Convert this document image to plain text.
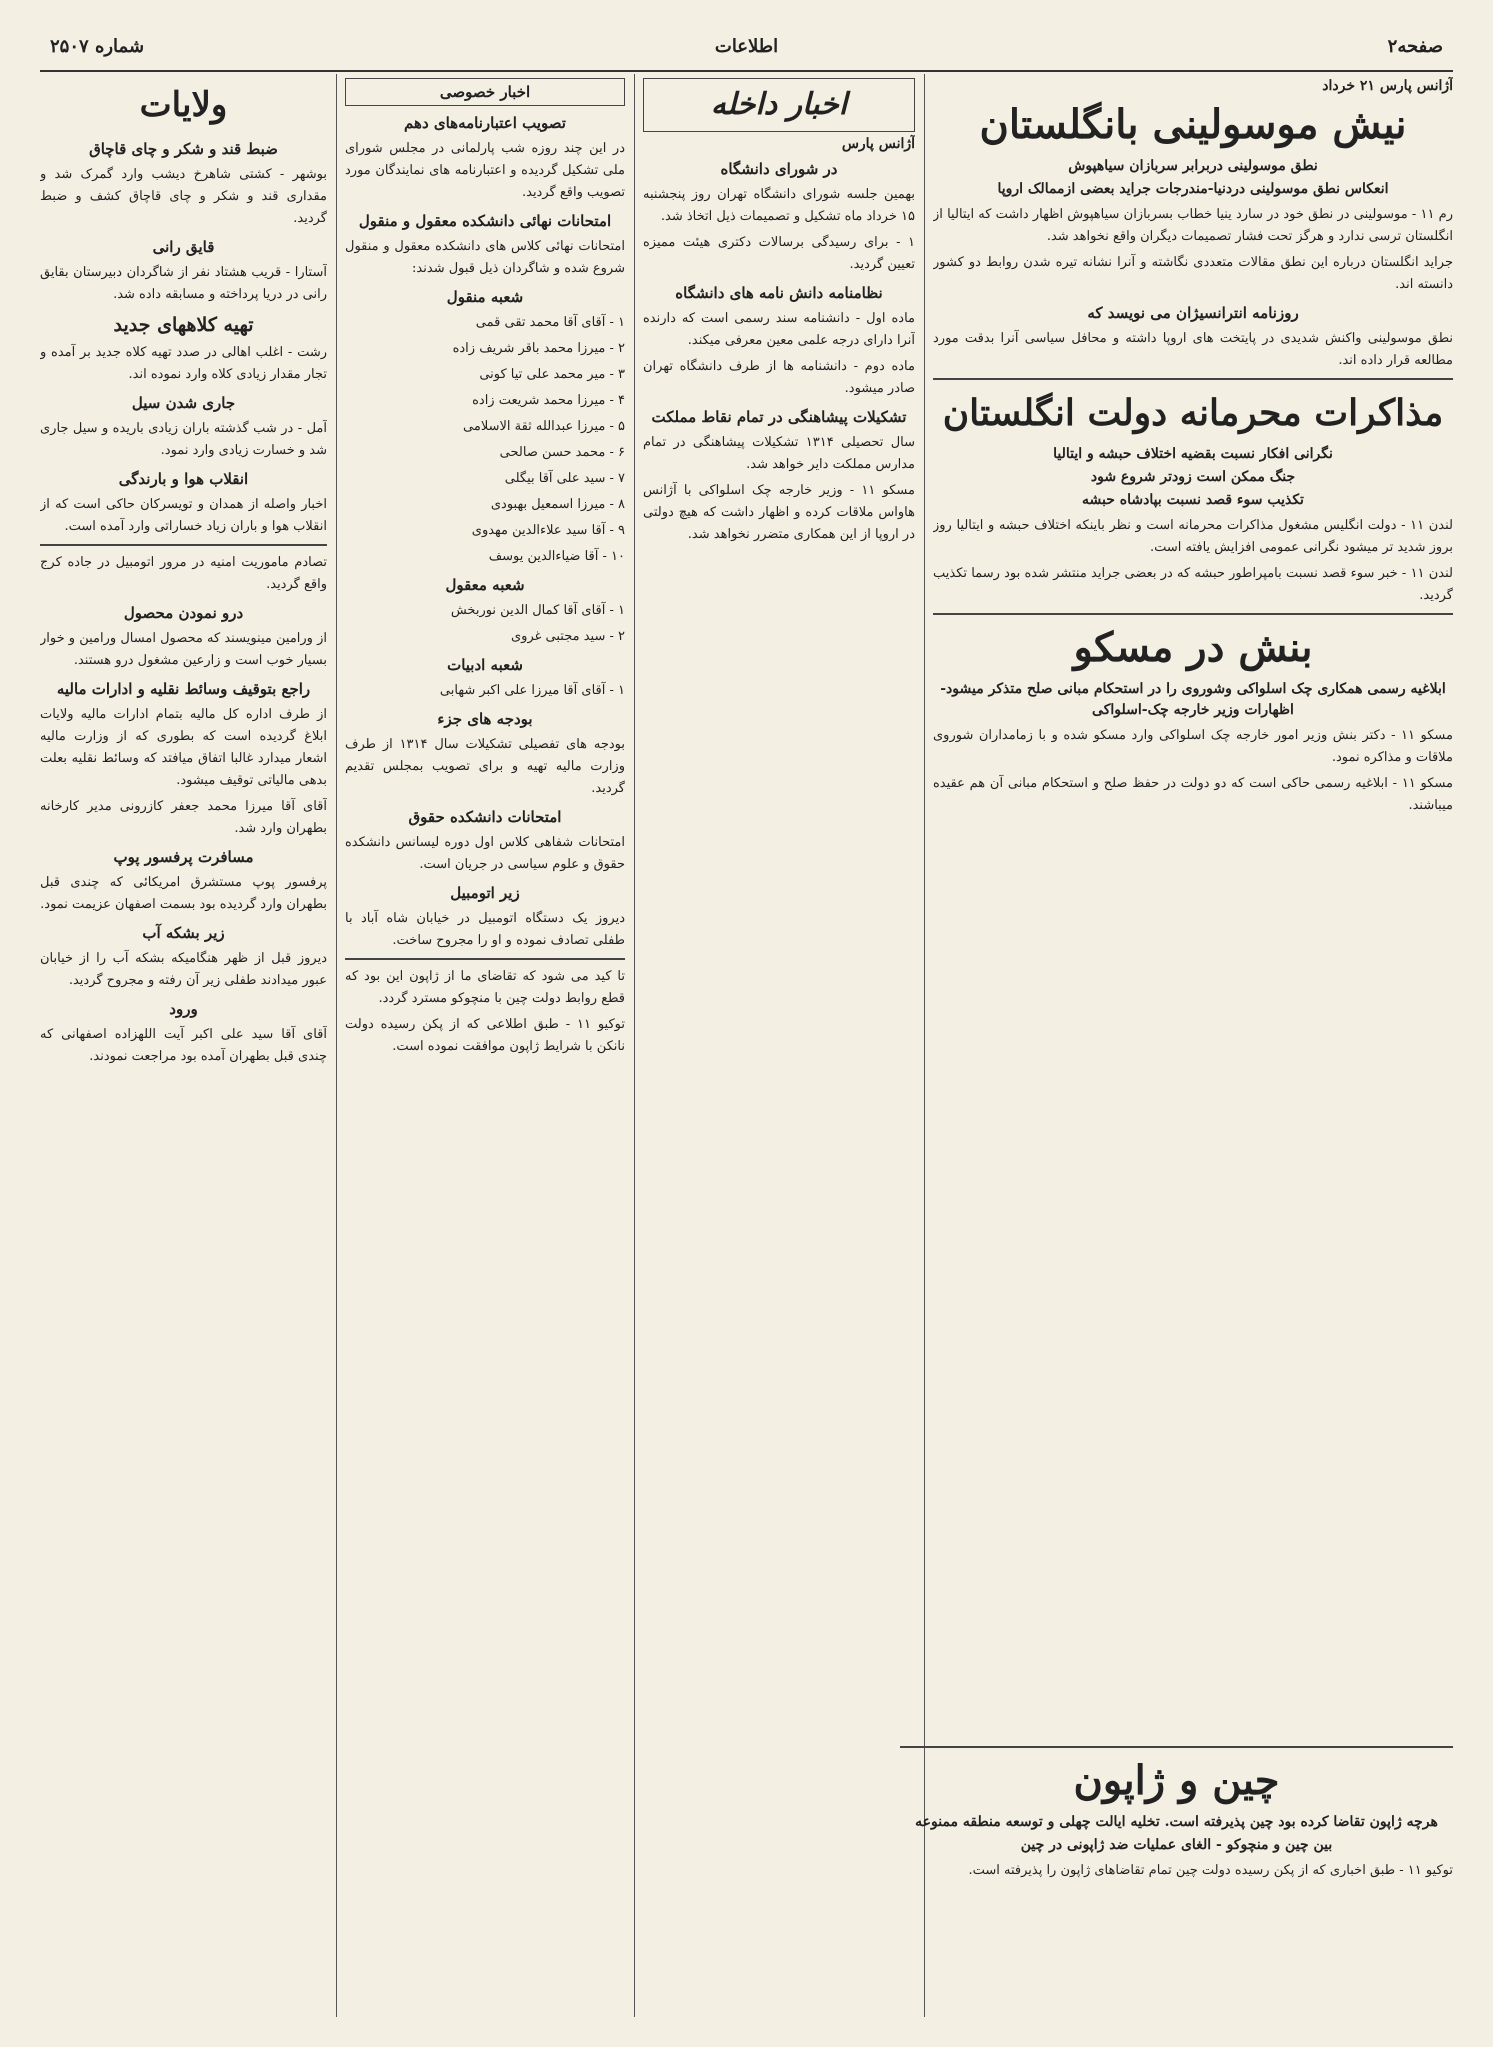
صفحه۲
اطلاعات
شماره ۲۵۰۷
آژانس پارس ۲۱ خرداد
نیش موسولینی بانگلستان
نطق موسولینی دربرابر سربازان سیاهپوش
انعکاس نطق موسولینی دردنیا-مندرجات جراید بعضی ازممالک اروپا

رم ۱۱ - موسولینی در نطق خود در سارد ینیا خطاب بسربازان سیاهپوش اظهار داشت که ایتالیا از انگلستان ترسی ندارد و هرگز تحت فشار تصمیمات دیگران واقع نخواهد شد.

جراید انگلستان درباره این نطق مقالات متعددی نگاشته و آنرا نشانه تیره شدن روابط دو کشور دانسته اند.

روزنامه انترانسیژان می نویسد که

نطق موسولینی واکنش شدیدی در پایتخت های اروپا داشته و محافل سیاسی آنرا بدقت مورد مطالعه قرار داده اند.

مذاکرات محرمانه دولت انگلستان
نگرانی افکار نسبت بقضیه اختلاف حبشه و ایتالیا
جنگ ممکن است زودتر شروع شود
تکذیب سوء قصد نسبت بپادشاه حبشه

لندن ۱۱ - دولت انگلیس مشغول مذاکرات محرمانه است و نظر باینکه اختلاف حبشه و ایتالیا روز بروز شدید تر میشود نگرانی عمومی افزایش یافته است.

لندن ۱۱ - خبر سوء قصد نسبت بامپراطور حبشه که در بعضی جراید منتشر شده بود رسما تکذیب گردید.

بنش در مسکو
ابلاغیه رسمی همکاری چک اسلواکی وشوروی را در استحکام مبانی صلح متذکر میشود-اظهارات وزیر خارجه چک-اسلواکی

مسکو ۱۱ - دکتر بنش وزیر امور خارجه چک اسلواکی وارد مسکو شده و با زمامداران شوروی ملاقات و مذاکره نمود.

مسکو ۱۱ - ابلاغیه رسمی حاکی است که دو دولت در حفظ صلح و استحکام مبانی آن هم عقیده میباشند.

اخبار داخله
آژانس پارس
در شورای دانشگاه

بهمین جلسه شورای دانشگاه تهران روز پنجشنبه ۱۵ خرداد ماه تشکیل و تصمیمات ذیل اتخاذ شد.

۱ - برای رسیدگی برسالات دکتری هیئت ممیزه تعیین گردید.

نظامنامه دانش نامه های دانشگاه

ماده اول - دانشنامه سند رسمی است که دارنده آنرا دارای درجه علمی معین معرفی میکند.

ماده دوم - دانشنامه ها از طرف دانشگاه تهران صادر میشود.

تشکیلات پیشاهنگی در تمام نقاط مملکت

سال تحصیلی ۱۳۱۴ تشکیلات پیشاهنگی در تمام مدارس مملکت دایر خواهد شد.

مسکو ۱۱ - وزیر خارجه چک اسلواکی با آژانس هاواس ملاقات کرده و اظهار داشت که هیچ دولتی در اروپا از این همکاری متضرر نخواهد شد.

اخبار خصوصی
تصویب اعتبارنامه‌های دهم

در این چند روزه شب پارلمانی در مجلس شورای ملی تشکیل گردیده و اعتبارنامه های نمایندگان مورد تصویب واقع گردید.

امتحانات نهائی دانشکده معقول و منقول

امتحانات نهائی کلاس های دانشکده معقول و منقول شروع شده و شاگردان ذیل قبول شدند:

شعبه منقول

۱ - آقای آقا محمد تقی قمی

۲ - میرزا محمد باقر شریف زاده

۳ - میر محمد علی تیا کونی

۴ - میرزا محمد شریعت زاده

۵ - میرزا عبدالله ثقة الاسلامی

۶ - محمد حسن صالحی

۷ - سید علی آقا بیگلی

۸ - میرزا اسمعیل بهبودی

۹ - آقا سید علاءالدین مهدوی

۱۰ - آقا ضیاءالدین یوسف

شعبه معقول

۱ - آقای آقا کمال الدین نوربخش

۲ - سید مجتبی غروی

شعبه ادبیات

۱ - آقای آقا میرزا علی اکبر شهابی

بودجه های جزء

بودجه های تفصیلی تشکیلات سال ۱۳۱۴ از طرف وزارت مالیه تهیه و برای تصویب بمجلس تقدیم گردید.

امتحانات دانشکده حقوق

امتحانات شفاهی کلاس اول دوره لیسانس دانشکده حقوق و علوم سیاسی در جریان است.

زیر اتومبیل

دیروز یک دستگاه اتومبیل در خیابان شاه آباد با طفلی تصادف نموده و او را مجروح ساخت.

تا کید می شود که تقاضای ما از ژاپون این بود که قطع روابط دولت چین با منچوکو مسترد گردد.

توکیو ۱۱ - طبق اطلاعی که از پکن رسیده دولت نانکن با شرایط ژاپون موافقت نموده است.

ولایات
ضبط قند و شکر و چای قاچاق

بوشهر - کشتی شاهرخ دیشب وارد گمرک شد و مقداری قند و شکر و چای قاچاق کشف و ضبط گردید.

قایق رانی

آستارا - قریب هشتاد نفر از شاگردان دبیرستان بقایق رانی در دریا پرداخته و مسابقه داده شد.

تهیه کلاههای جدید

رشت - اغلب اهالی در صدد تهیه کلاه جدید بر آمده و تجار مقدار زیادی کلاه وارد نموده اند.

جاری شدن سیل

آمل - در شب گذشته باران زیادی باریده و سیل جاری شد و خسارت زیادی وارد نمود.

انقلاب هوا و بارندگی

اخبار واصله از همدان و تویسرکان حاکی است که از انقلاب هوا و باران زیاد خساراتی وارد آمده است.

تصادم ماموریت امنیه در مرور اتومبیل در جاده کرج واقع گردید.

درو نمودن محصول

از ورامین مینویسند که محصول امسال ورامین و خوار بسیار خوب است و زارعین مشغول درو هستند.

راجع بتوقیف وسائط نقلیه و ادارات مالیه

از طرف اداره کل مالیه بتمام ادارات مالیه ولایات ابلاغ گردیده است که بطوری که از وزارت مالیه اشعار میدارد غالبا اتفاق میافتد که وسائط نقلیه بعلت بدهی مالیاتی توقیف میشود.

آقای آقا میرزا محمد جعفر کازرونی مدیر کارخانه بطهران وارد شد.

مسافرت پرفسور پوپ

پرفسور پوپ مستشرق امریکائی که چندی قبل بطهران وارد گردیده بود بسمت اصفهان عزیمت نمود.

زیر بشکه آب

دیروز قبل از ظهر هنگامیکه بشکه آب را از خیابان عبور میدادند طفلی زیر آن رفته و مجروح گردید.

ورود

آقای آقا سید علی اکبر آیت اللهزاده اصفهانی که چندی قبل بطهران آمده بود مراجعت نمودند.

چین و ژاپون
هرچه ژاپون تقاضا کرده بود چین پذیرفته است. تخلیه ایالت چهلی و توسعه منطقه ممنوعه
بین چین و منچوکو - الغای عملیات ضد ژاپونی در چین

توکیو ۱۱ - طبق اخباری که از پکن رسیده دولت چین تمام تقاضاهای ژاپون را پذیرفته است.
